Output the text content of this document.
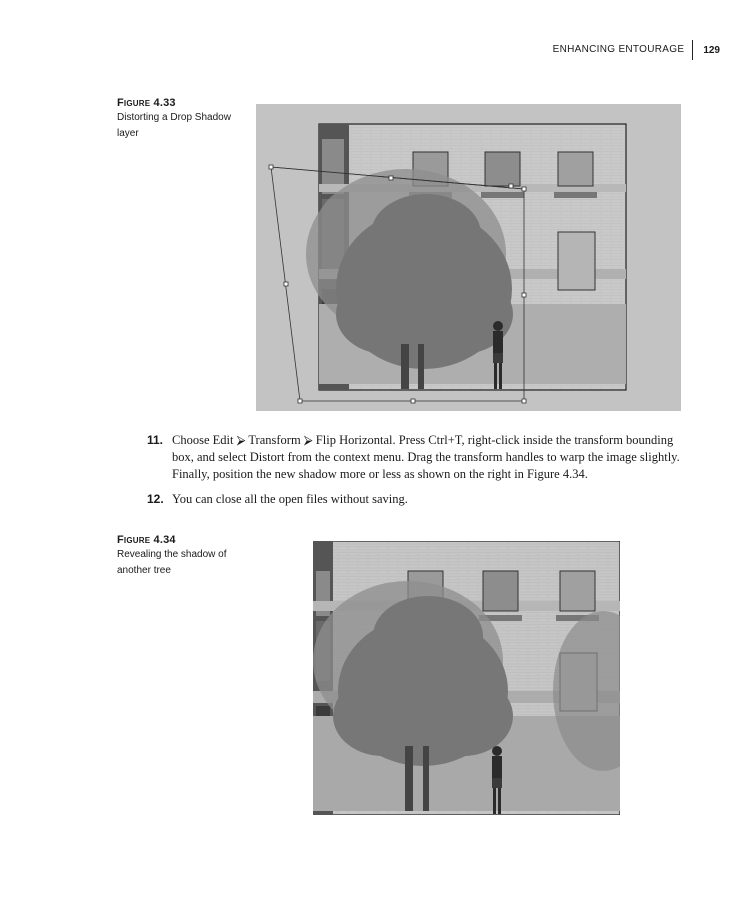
ENHANCING ENTOURAGE	129
Figure 4.33
Distorting a Drop Shadow layer
11. Choose Edit ⮚ Transform ⮚ Flip Horizontal. Press Ctrl+T, right-click inside the transform bounding box, and select Distort from the context menu. Drag the transform handles to warp the image slightly. Finally, position the new shadow more or less as shown on the right in Figure 4.34.
12. You can close all the open files without saving.
Figure 4.34
Revealing the shadow of another tree
